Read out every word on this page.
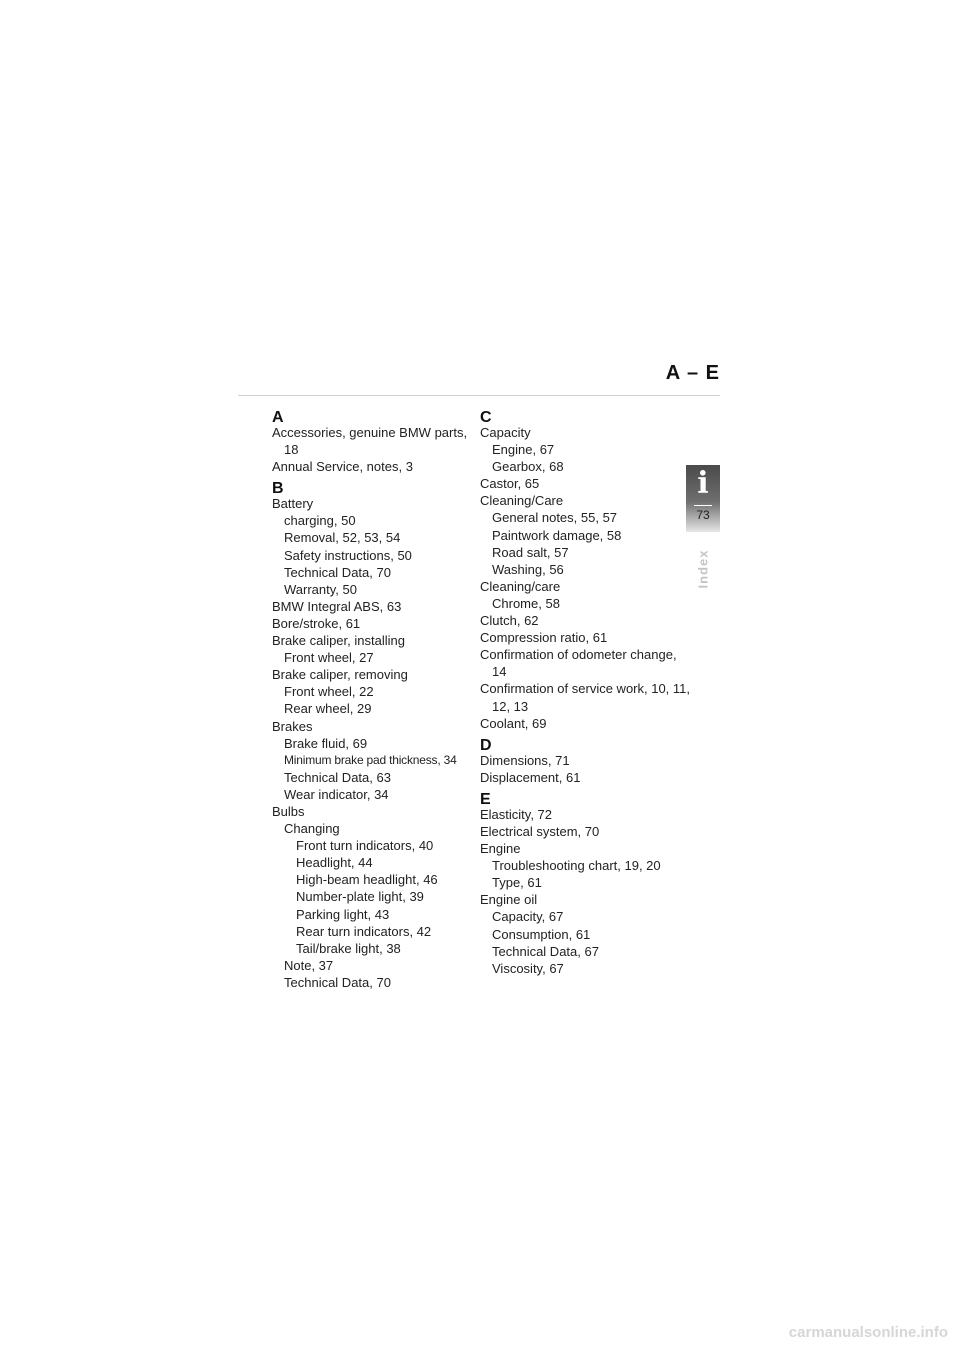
A – E
A
Accessories, genuine BMW parts, 18
Annual Service, notes, 3
B
Battery
charging, 50
Removal, 52, 53, 54
Safety instructions, 50
Technical Data, 70
Warranty, 50
BMW Integral ABS, 63
Bore/stroke, 61
Brake caliper, installing
Front wheel, 27
Brake caliper, removing
Front wheel, 22
Rear wheel, 29
Brakes
Brake fluid, 69
Minimum brake pad thickness, 34
Technical Data, 63
Wear indicator, 34
Bulbs
Changing
Front turn indicators, 40
Headlight, 44
High-beam headlight, 46
Number-plate light, 39
Parking light, 43
Rear turn indicators, 42
Tail/brake light, 38
Note, 37
Technical Data, 70
C
Capacity
Engine, 67
Gearbox, 68
Castor, 65
Cleaning/Care
General notes, 55, 57
Paintwork damage, 58
Road salt, 57
Washing, 56
Cleaning/care
Chrome, 58
Clutch, 62
Compression ratio, 61
Confirmation of odometer change, 14
Confirmation of service work, 10, 11, 12, 13
Coolant, 69
D
Dimensions, 71
Displacement, 61
E
Elasticity, 72
Electrical system, 70
Engine
Troubleshooting chart, 19, 20
Type, 61
Engine oil
Capacity, 67
Consumption, 61
Technical Data, 67
Viscosity, 67
i
73
Index
carmanualsonline.info
